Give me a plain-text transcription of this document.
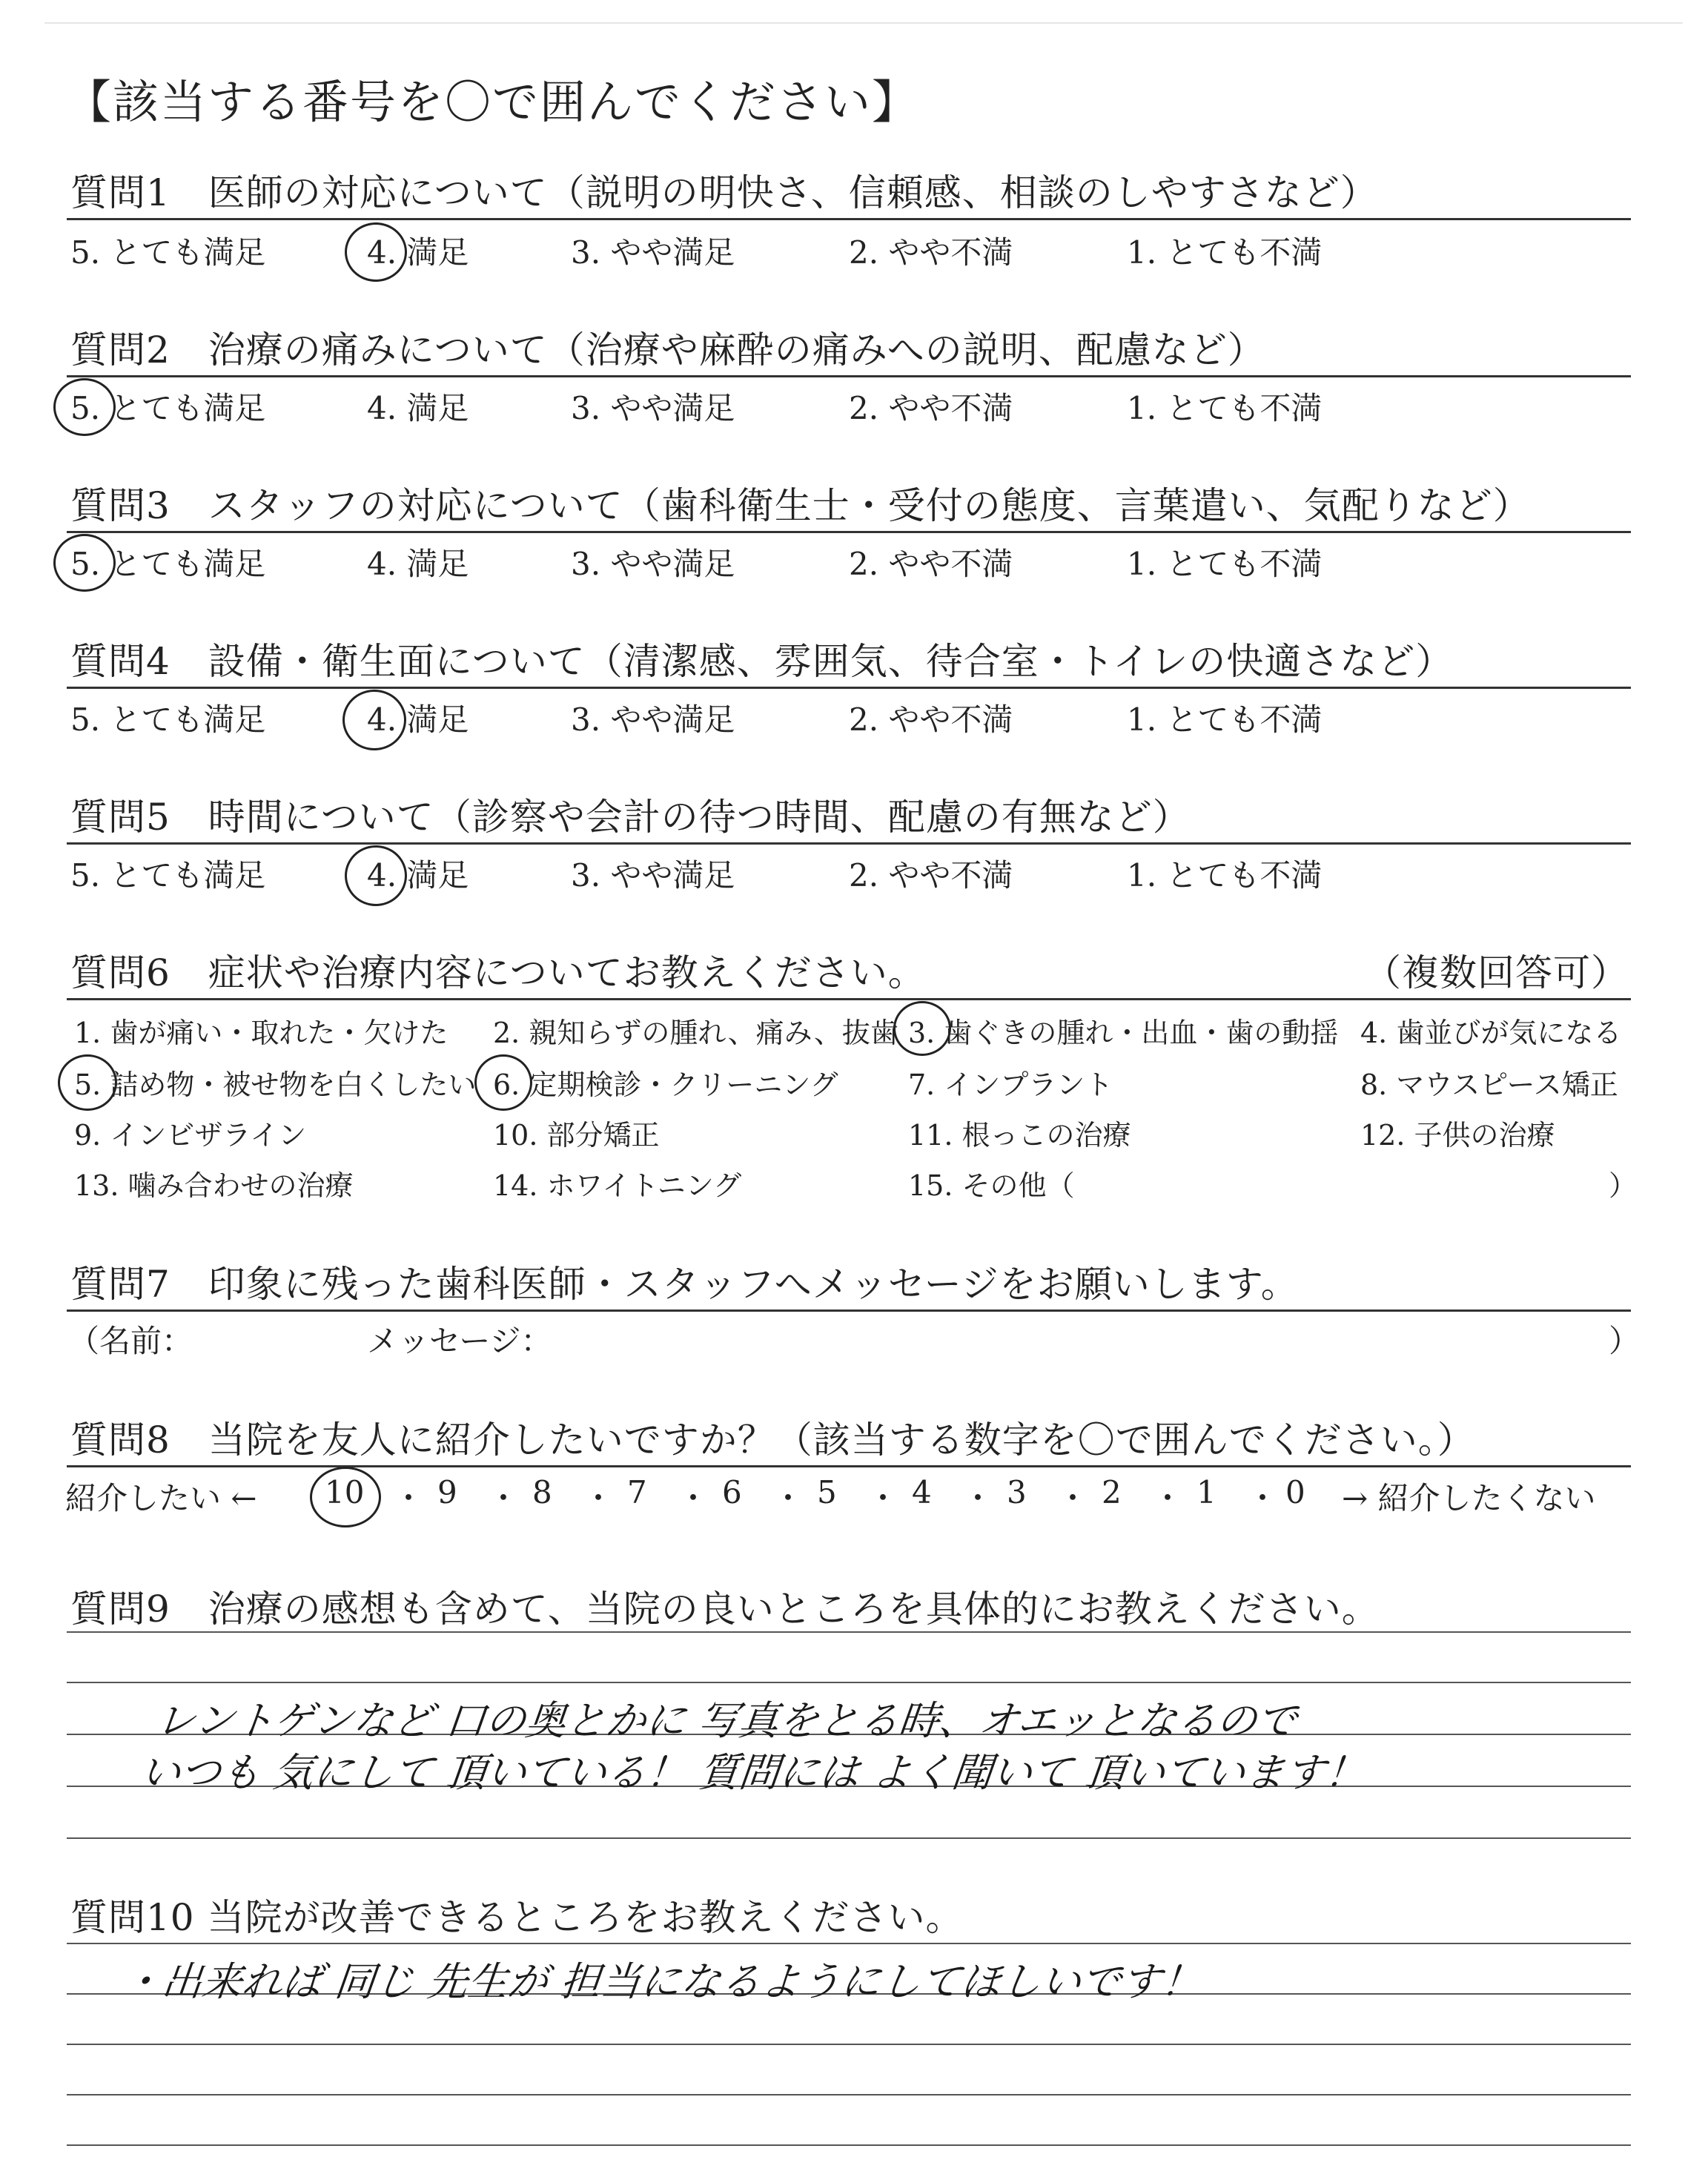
【該当する番号を〇で囲んでください】
質問1　医師の対応について（説明の明快さ、信頼感、相談のしやすさなど）
5. とても満足	4. 満足	3. やや満足	2. やや不満	1. とても不満
質問2　治療の痛みについて（治療や麻酔の痛みへの説明、配慮など）
5. とても満足	4. 満足	3. やや満足	2. やや不満	1. とても不満
質問3　スタッフの対応について（歯科衛生士・受付の態度、言葉遣い、気配りなど）
5. とても満足	4. 満足	3. やや満足	2. やや不満	1. とても不満
質問4　設備・衛生面について（清潔感、雰囲気、待合室・トイレの快適さなど）
5. とても満足	4. 満足	3. やや満足	2. やや不満	1. とても不満
質問5　時間について（診察や会計の待つ時間、配慮の有無など）
5. とても満足	4. 満足	3. やや満足	2. やや不満	1. とても不満
質問6　症状や治療内容についてお教えください。	（複数回答可）
1. 歯が痛い・取れた・欠けた 2. 親知らずの腫れ、痛み、抜歯 3. 歯ぐきの腫れ・出血・歯の動揺 4. 歯並びが気になる
5. 詰め物・被せ物を白くしたい 6. 定期検診・クリーニング 7. インプラント	8. マウスピース矯正
9. インビザライン	10. 部分矯正	11. 根っこの治療	12. 子供の治療
13. 噛み合わせの治療	14. ホワイトニング	15. その他（	）
質問7　印象に残った歯科医師・スタッフへメッセージをお願いします。
（名前：	メッセージ：	）
質問8　当院を友人に紹介したいですか？（該当する数字を〇で囲んでください。）
紹介したい ←	→ 紹介したくない
10 ・ 9 ・ 8 ・ 7 ・ 6 ・ 5 ・ 4 ・ 3 ・ 2 ・ 1 ・ 0
質問9　治療の感想も含めて、当院の良いところを具体的にお教えください。
レントゲンなど 口の奥とかに 写真をとる時、オエッとなるので
いつも 気にして 頂いている！ 質問には よく聞いて 頂いています！
質問10 当院が改善できるところをお教えください。
・出来れば 同じ 先生が 担当になるようにしてほしいです！
